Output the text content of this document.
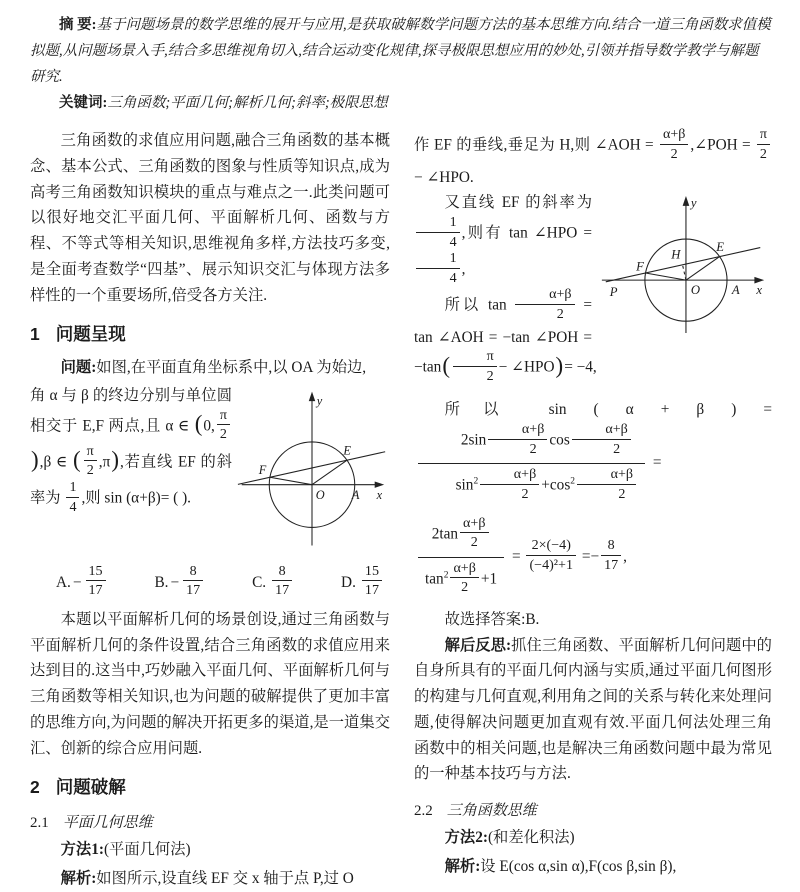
摘 要:基于问题场景的数学思维的展开与应用,是获取破解数学问题方法的基本思维方向.结合一道三角函数求值模拟题,从问题场景入手,结合多思维视角切入,结合运动变化规律,探寻极限思想应用的妙处,引领并指导数学教学与解题研究.

关键词:三角函数;平面几何;解析几何;斜率;极限思想

三角函数的求值应用问题,融合三角函数的基本概念、基本公式、三角函数的图象与性质等知识点,成为高考三角函数知识模块的重点与难点之一.此类问题可以很好地交汇平面几何、平面解析几何、函数与方程、不等式等相关知识,思维视角多样,方法技巧多变,是全面考查数学“四基”、展示知识交汇与体现方法多样性的一个重要场所,倍受各方关注.

1 问题呈现

问题:如图,在平面直角坐标系中,以 OA 为始边,

角 α 与 β 的终边分别与单位圆相交于 E,F 两点,且 α ∈ (0, $\frac{\pi}{2}$
),β ∈ ( $\frac{\pi}{2} ,\pi$),若直线 EF 的斜率为 $\frac{1}{4}$ ,则 sin (α+β)= ( ).
y
x
O A
E
F
A. − $\frac{15}{17}$	B. − $\frac{8}{17}$	C. $\frac{8}{17}$	D. $\frac{15}{17}$

本题以平面解析几何的场景创设,通过三角函数与平面解析几何的条件设置,结合三角函数的求值应用来达到目的.这当中,巧妙融入平面几何、平面解析几何与三角函数等相关知识,也为问题的破解提供了更加丰富的思维方向,为问题的解决开拓更多的渠道,是一道集交汇、创新的综合应用问题.

2 问题破解
2.1 平面几何思维

方法1:(平面几何法)

解析:如图所示,设直线 EF 交 x 轴于点 P,过 O

作 EF 的垂线,垂足为 H,则 ∠AOH = $\frac{\alpha+\beta}{2}$ ,∠POH = $\frac{\pi}{2}$
− ∠HPO.

y
x
O A
E
F
H
P

又直线 EF 的斜率为
$\frac{1}{4}$ ,则有 tan ∠HPO =
$\frac{1}{4}$ ,

所以 $\tan \frac{\alpha+\beta}{2} = \tan$ ∠AOH = −tan ∠POH = $-\tan( \frac{\pi}{2}$ − ∠HPO)= −4,

所以 sin ( α + β ) =
$\frac{2\sin \frac{\alpha+\beta}{2} \cos \frac{\alpha+\beta}{2}}{\sin^2 \frac{\alpha+\beta}{2} +\cos^2 \frac{\alpha+\beta}{2}}$ =

$\frac{2\tan \frac{\alpha+\beta}{2}}{\tan^2 \frac{\alpha+\beta}{2} +1} = \frac{2\times(-4)}{\text{(−4)²+1}} =- \frac{8}{17}$ ,

故选择答案:B.

解后反思:抓住三角函数、平面解析几何问题中的自身所具有的平面几何内涵与实质,通过平面几何图形的构建与几何直观,利用角之间的关系与转化来处理问题,使得解决问题更加直观有效.平面几何法处理三角函数中的相关问题,也是解决三角函数问题中最为常见的一种基本技巧与方法.

2.2 三角函数思维

方法2:(和差化积法)

解析:设 E(cos α,sin α),F(cos β,sin β),
